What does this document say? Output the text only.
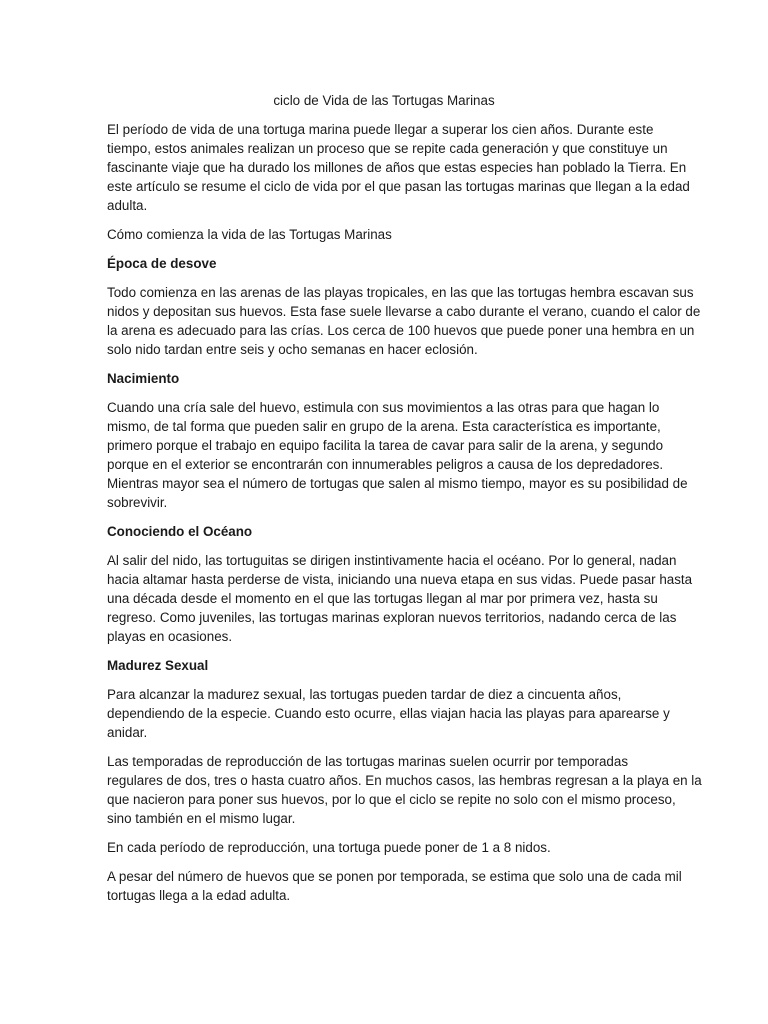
ciclo de Vida de las Tortugas Marinas
El período de vida de una tortuga marina puede llegar a superar los cien años. Durante este
tiempo, estos animales realizan un proceso que se repite cada generación y que constituye un
fascinante viaje que ha durado los millones de años que estas especies han poblado la Tierra. En
este artículo se resume el ciclo de vida por el que pasan las tortugas marinas que llegan a la edad
adulta.
Cómo comienza la vida de las Tortugas Marinas
Época de desove
Todo comienza en las arenas de las playas tropicales, en las que las tortugas hembra escavan sus
nidos y depositan sus huevos. Esta fase suele llevarse a cabo durante el verano, cuando el calor de
la arena es adecuado para las crías. Los cerca de 100 huevos que puede poner una hembra en un
solo nido tardan entre seis y ocho semanas en hacer eclosión.
Nacimiento
Cuando una cría sale del huevo, estimula con sus movimientos a las otras para que hagan lo
mismo, de tal forma que pueden salir en grupo de la arena. Esta característica es importante,
primero porque el trabajo en equipo facilita la tarea de cavar para salir de la arena, y segundo
porque en el exterior se encontrarán con innumerables peligros a causa de los depredadores.
Mientras mayor sea el número de tortugas que salen al mismo tiempo, mayor es su posibilidad de
sobrevivir.
Conociendo el Océano
Al salir del nido, las tortuguitas se dirigen instintivamente hacia el océano. Por lo general, nadan
hacia altamar hasta perderse de vista, iniciando una nueva etapa en sus vidas. Puede pasar hasta
una década desde el momento en el que las tortugas llegan al mar por primera vez, hasta su
regreso. Como juveniles, las tortugas marinas exploran nuevos territorios, nadando cerca de las
playas en ocasiones.
Madurez Sexual
Para alcanzar la madurez sexual, las tortugas pueden tardar de diez a cincuenta años,
dependiendo de la especie. Cuando esto ocurre, ellas viajan hacia las playas para aparearse y
anidar.
Las temporadas de reproducción de las tortugas marinas suelen ocurrir por temporadas
regulares de dos, tres o hasta cuatro años. En muchos casos, las hembras regresan a la playa en la
que nacieron para poner sus huevos, por lo que el ciclo se repite no solo con el mismo proceso,
sino también en el mismo lugar.
En cada período de reproducción, una tortuga puede poner de 1 a 8 nidos.
A pesar del número de huevos que se ponen por temporada, se estima que solo una de cada mil
tortugas llega a la edad adulta.
